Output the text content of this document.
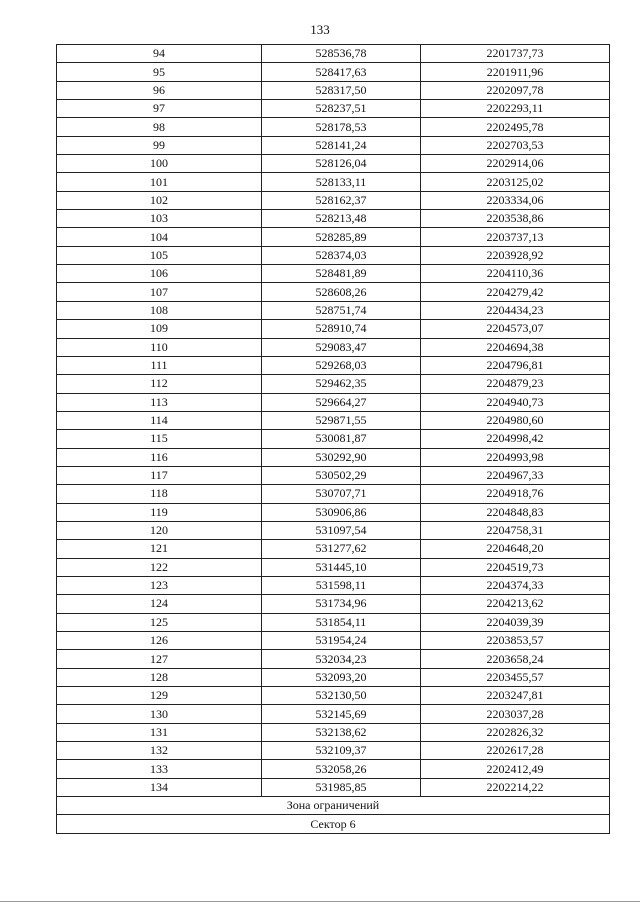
133
94	528536,78	2201737,73
95	528417,63	2201911,96
96	528317,50	2202097,78
97	528237,51	2202293,11
98	528178,53	2202495,78
99	528141,24	2202703,53
100	528126,04	2202914,06
101	528133,11	2203125,02
102	528162,37	2203334,06
103	528213,48	2203538,86
104	528285,89	2203737,13
105	528374,03	2203928,92
106	528481,89	2204110,36
107	528608,26	2204279,42
108	528751,74	2204434,23
109	528910,74	2204573,07
110	529083,47	2204694,38
111	529268,03	2204796,81
112	529462,35	2204879,23
113	529664,27	2204940,73
114	529871,55	2204980,60
115	530081,87	2204998,42
116	530292,90	2204993,98
117	530502,29	2204967,33
118	530707,71	2204918,76
119	530906,86	2204848,83
120	531097,54	2204758,31
121	531277,62	2204648,20
122	531445,10	2204519,73
123	531598,11	2204374,33
124	531734,96	2204213,62
125	531854,11	2204039,39
126	531954,24	2203853,57
127	532034,23	2203658,24
128	532093,20	2203455,57
129	532130,50	2203247,81
130	532145,69	2203037,28
131	532138,62	2202826,32
132	532109,37	2202617,28
133	532058,26	2202412,49
134	531985,85	2202214,22
Зона ограничений		
Сектор 6		
